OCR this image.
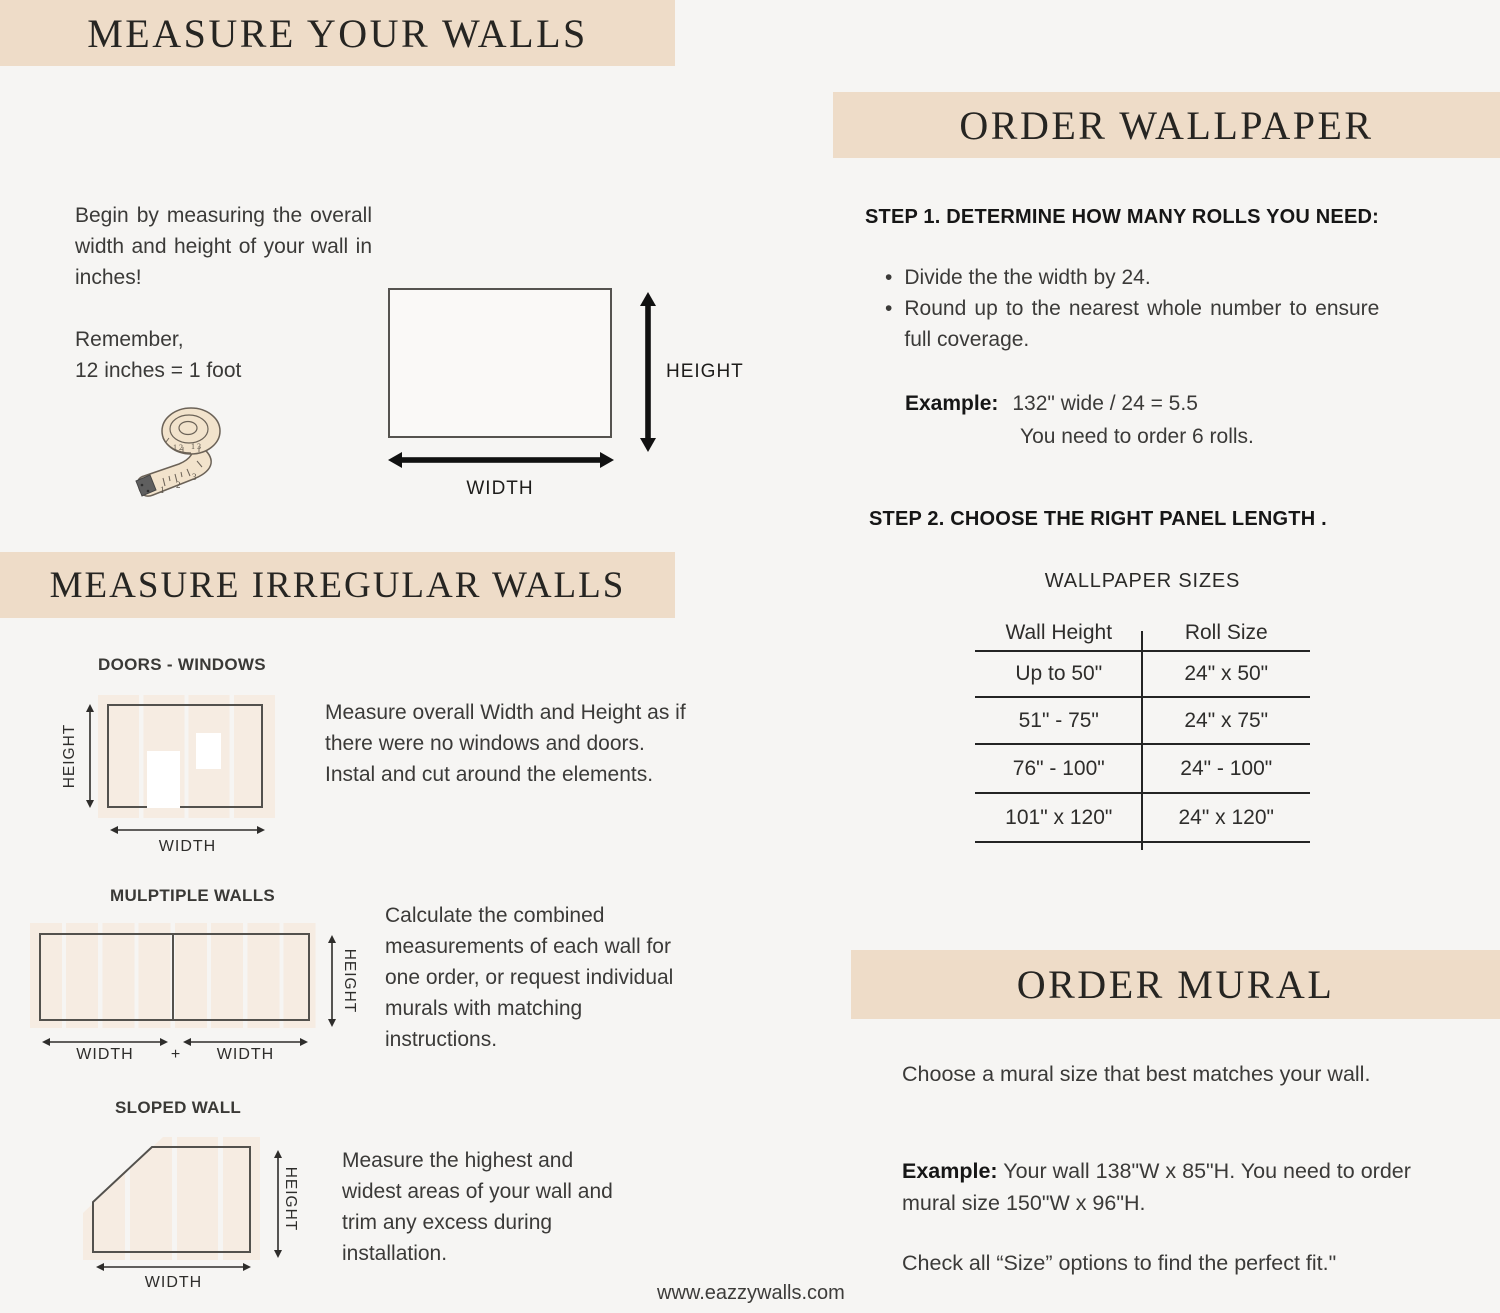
MEASURE YOUR WALLS
Begin by measuring the overall width and height of your wall in inches!
Remember,
12 inches = 1 foot
1 2
3
1 2 1 3
HEIGHT
WIDTH
MEASURE IRREGULAR WALLS
DOORS - WINDOWS
HEIGHT
WIDTH
Measure overall Width and Height as if there were no windows and doors. Instal and cut around the elements.
MULPTIPLE WALLS
HEIGHT
WIDTH	+	WIDTH
Calculate the combined measurements of each wall for one order, or request individual murals with matching instructions.
SLOPED WALL
HEIGHT
WIDTH
Measure the highest and widest areas of your wall and trim any excess during installation.
ORDER WALLPAPER
STEP 1. DETERMINE HOW MANY ROLLS YOU NEED:
• Divide the the width by 24.
• Round up to the nearest whole number to ensure full coverage.
Example: 132" wide / 24 = 5.5
You need to order 6 rolls.
STEP 2. CHOOSE THE RIGHT PANEL LENGTH .
WALLPAPER SIZES
Wall Height	Roll Size
Up to 50"	24" x 50"
51" - 75"	24" x 75"
76" - 100"	24" - 100"
101" x 120"	24" x 120"
ORDER MURAL
Choose a mural size that best matches your wall.
Example: Your wall 138"W x 85"H. You need to order mural size 150"W x 96"H.
Check all “Size” options to find the perfect fit."
www.eazzywalls.com
